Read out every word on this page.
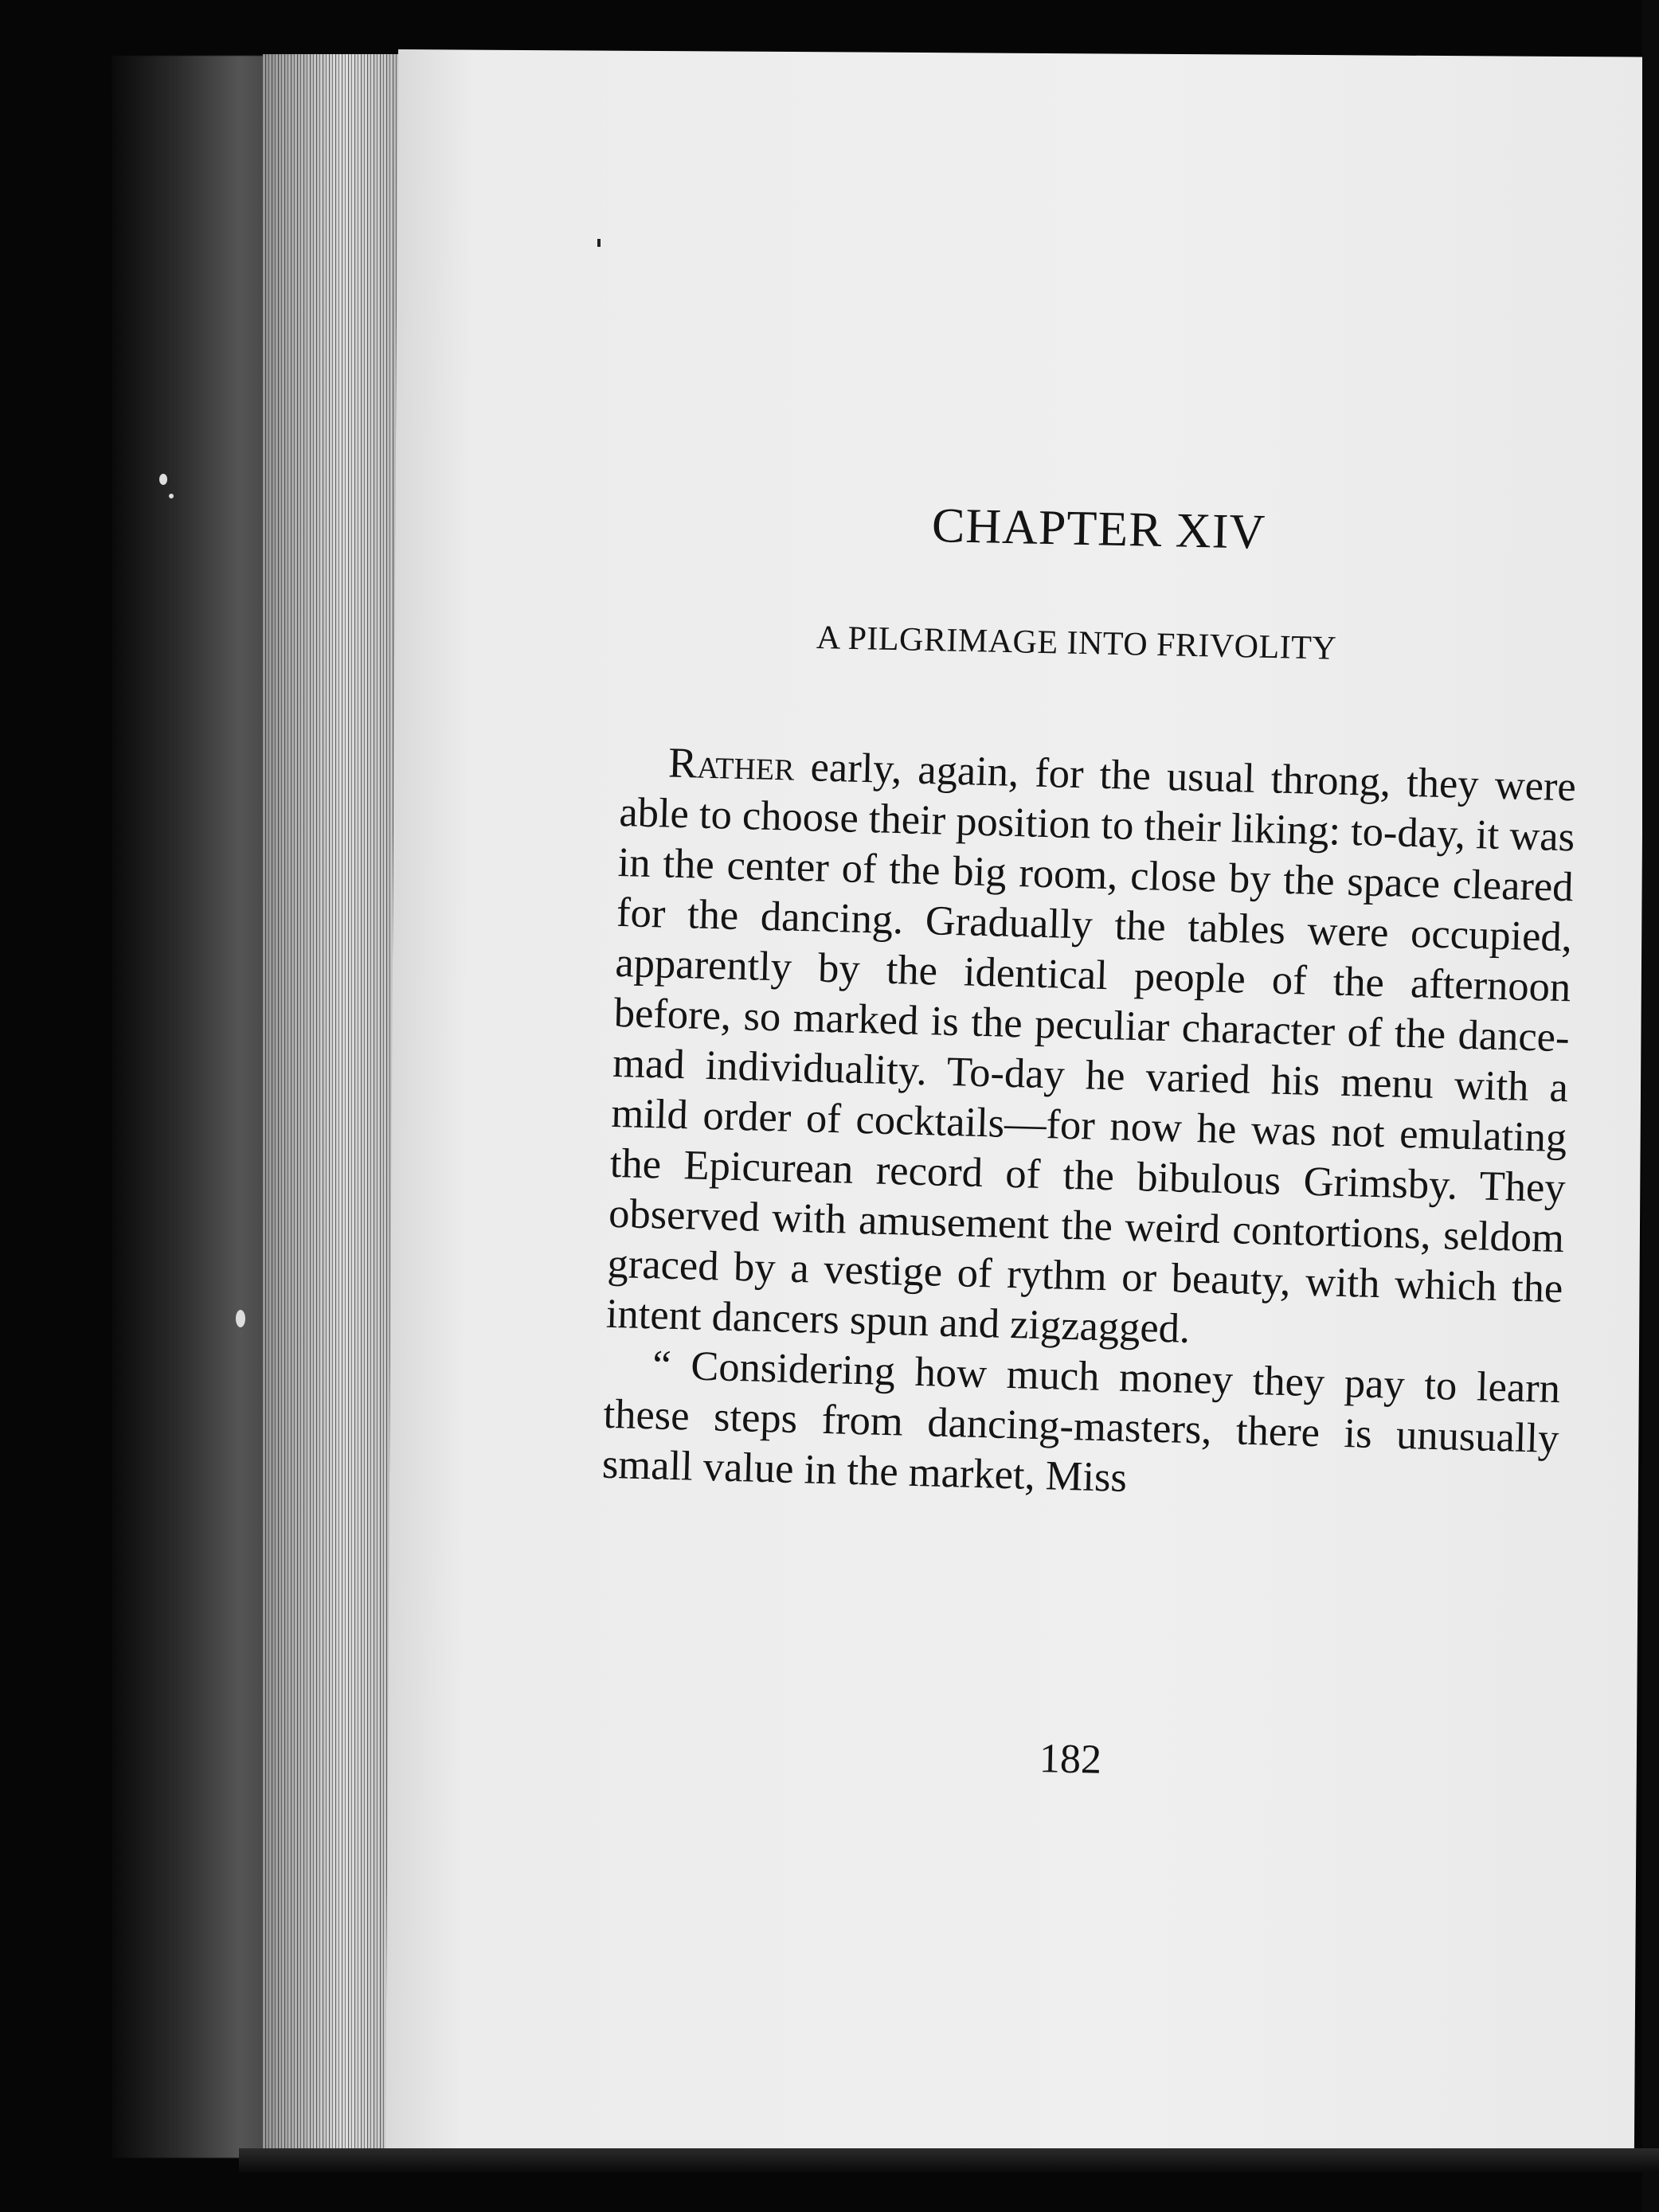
CHAPTER XIV
A PILGRIMAGE INTO FRIVOLITY

Rather early, again, for the usual throng, they were able to choose their position to their liking: to-day, it was in the center of the big room, close by the space cleared for the dancing. Gradually the tables were occupied, apparently by the identical people of the afternoon before, so marked is the peculiar character of the dance-mad individuality. To-day he varied his menu with a mild order of cocktails—for now he was not emulating the Epicurean record of the bibulous Grimsby. They observed with amusement the weird contortions, seldom graced by a vestige of rythm or beauty, with which the intent dancers spun and zigzagged.

“ Considering how much money they pay to learn these steps from dancing-masters, there is unusually small value in the market, Miss

182
